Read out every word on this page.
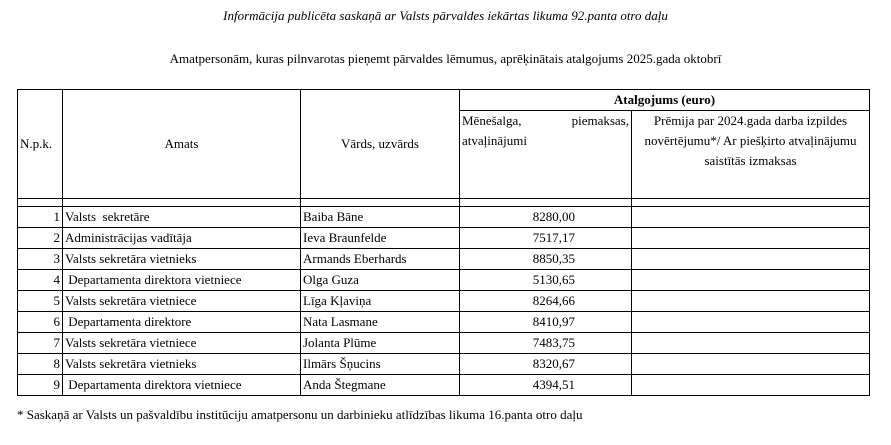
Informācija publicēta saskaņā ar Valsts pārvaldes iekārtas likuma 92.panta otro daļu
Amatpersonām, kuras pilnvarotas pieņemt pārvaldes lēmumus, aprēķinātais atalgojums 2025.gada oktobrī
N.p.k.	Amats	Vārds, uzvārds	Atalgojums (euro)	
			Mēnešalga, piemaksas, atvaļinājumi	Prēmija par 2024.gada darba izpildes novērtējumu*/ Ar piešķirto atvaļinājumu saistītās izmaksas

1	Valsts  sekretāre	Baiba Bāne	8280,00	
2	Administrācijas vadītāja	Ieva Braunfelde	7517,17	
3	Valsts sekretāra vietnieks	Armands Eberhards	8850,35	
4	Departamenta direktora vietniece	Olga Guza	5130,65	
5	Valsts sekretāra vietniece	Līga Kļaviņa	8264,66	
6	Departamenta direktore	Nata Lasmane	8410,97	
7	Valsts sekretāra vietniece	Jolanta Plūme	7483,75	
8	Valsts sekretāra vietnieks	Ilmārs Šņucins	8320,67	
9	Departamenta direktora vietniece	Anda Štegmane	4394,51	
* Saskaņā ar Valsts un pašvaldību institūciju amatpersonu un darbinieku atlīdzības likuma 16.panta otro daļu
